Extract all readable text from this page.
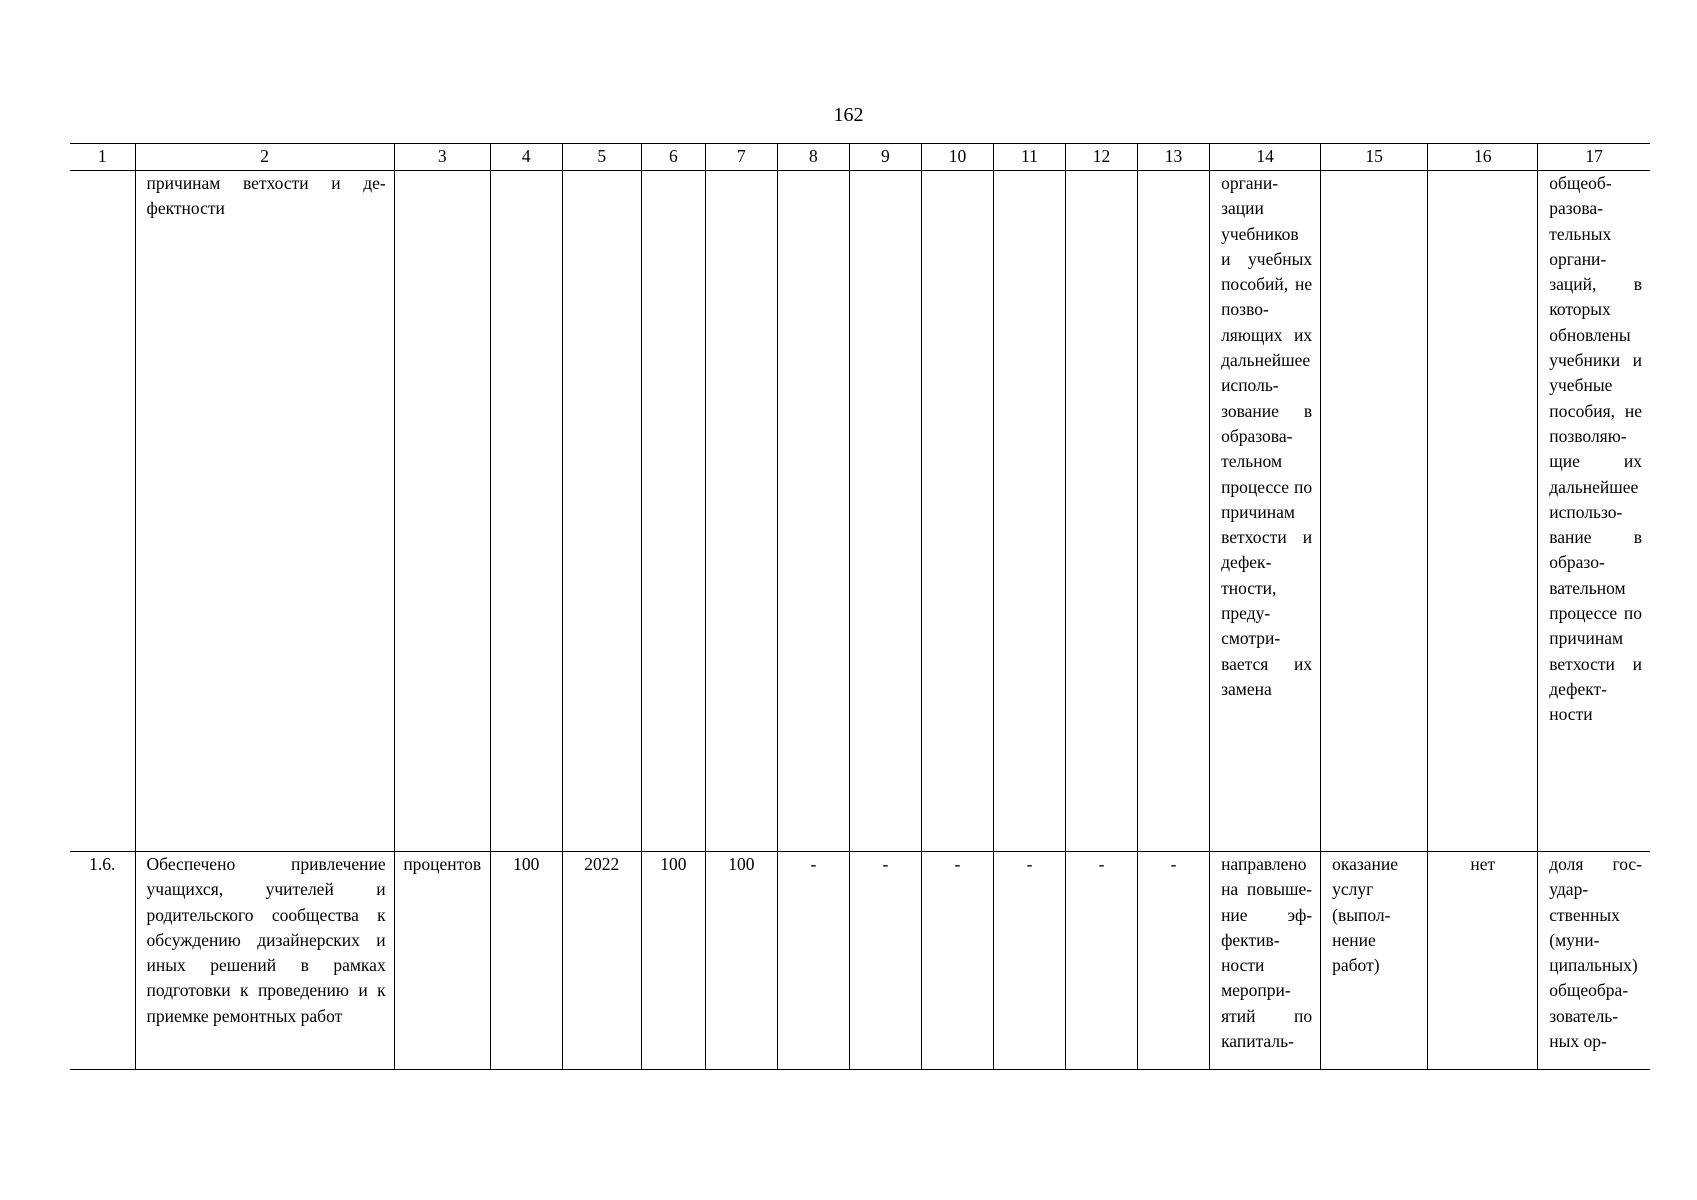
162
1	2	3	4	5	6	7	8	9	10	11	12	13	14	15	16	17
	причинам ветхости и дефектности												организации учебников и учебных пособий, не позволяющих их дальнейшее использование в образовательном процессе по причинам ветхости и дефектности, предусмотривается их замена			общеобразовательных организаций, в которых обновлены учебники и учебные пособия, не позволяющие их дальнейшее использование в образовательном процессе по причинам ветхости и дефектности
1.6.	Обеспечено привлечение учащихся, учителей и родительского сообщества к обсуждению дизайнерских и иных решений в рамках подготовки к проведению и к приемке ремонтных работ	процентов	100	2022	100	100	-	-	-	-	-	-	направлено на повышение эффективности мероприятий по капиталь-	оказание услуг (выполнение работ)	нет	доля государственных (муниципальных) общеобразовательных ор-
